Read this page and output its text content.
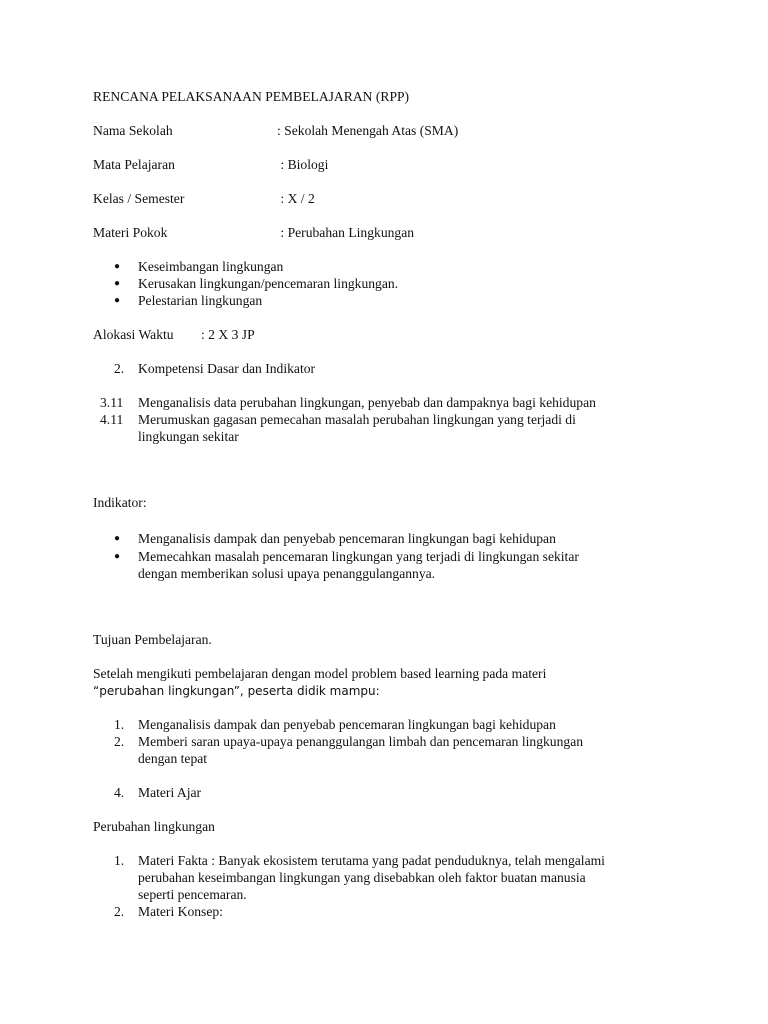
RENCANA PELAKSANAAN PEMBELAJARAN (RPP)
Nama Sekolah	: Sekolah Menengah Atas (SMA)
Mata Pelajaran	: Biologi
Kelas / Semester	: X / 2
Materi Pokok	: Perubahan Lingkungan
● Keseimbangan lingkungan
● Kerusakan lingkungan/pencemaran lingkungan.
● Pelestarian lingkungan
Alokasi Waktu : 2 X 3 JP
2. Kompetensi Dasar dan Indikator
3.11 Menganalisis data perubahan lingkungan, penyebab dan dampaknya bagi kehidupan
4.11 Merumuskan gagasan pemecahan masalah perubahan lingkungan yang terjadi di
lingkungan sekitar
Indikator:
● Menganalisis dampak dan penyebab pencemaran lingkungan bagi kehidupan
● Memecahkan masalah pencemaran lingkungan yang terjadi di lingkungan sekitar
dengan memberikan solusi upaya penanggulangannya.
Tujuan Pembelajaran.
Setelah mengikuti pembelajaran dengan model problem based learning pada materi
“perubahan lingkungan”, peserta didik mampu:
1. Menganalisis dampak dan penyebab pencemaran lingkungan bagi kehidupan
2. Memberi saran upaya-upaya penanggulangan limbah dan pencemaran lingkungan
dengan tepat
4. Materi Ajar
Perubahan lingkungan
1. Materi Fakta : Banyak ekosistem terutama yang padat penduduknya, telah mengalami
perubahan keseimbangan lingkungan yang disebabkan oleh faktor buatan manusia
seperti pencemaran.
2. Materi Konsep:
